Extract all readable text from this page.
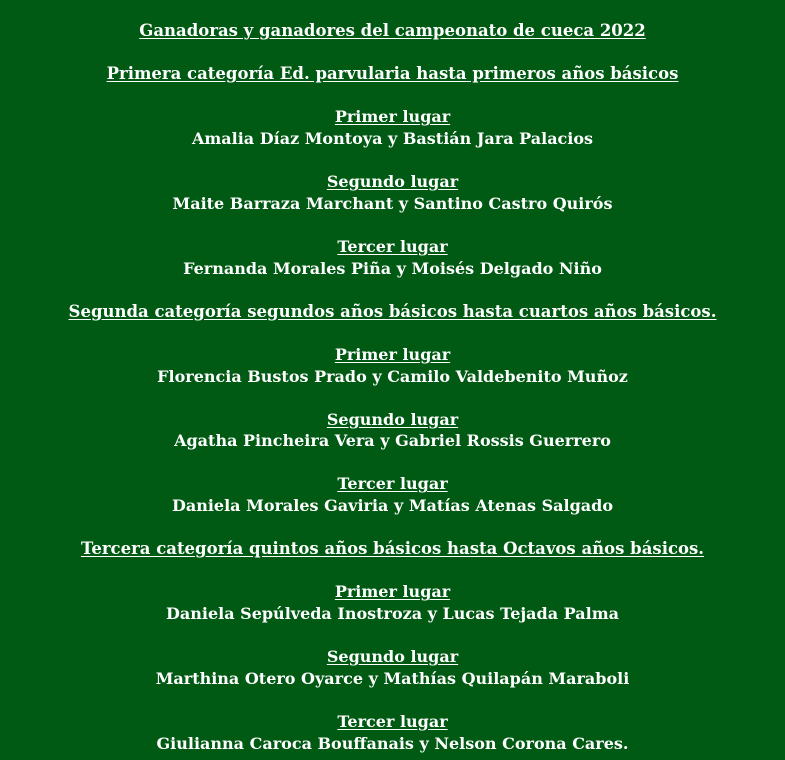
Ganadoras y ganadores del campeonato de cueca 2022
Primera categoría Ed. parvularia hasta primeros años básicos
Primer lugar
Amalia Díaz Montoya y Bastián Jara Palacios
Segundo lugar
Maite Barraza Marchant y Santino Castro Quirós
Tercer lugar
Fernanda Morales Piña y Moisés Delgado Niño
Segunda categoría segundos años básicos hasta cuartos años básicos.
Primer lugar
Florencia Bustos Prado y Camilo Valdebenito Muñoz
Segundo lugar
Agatha Pincheira Vera y Gabriel Rossis Guerrero
Tercer lugar
Daniela Morales Gaviria y Matías Atenas Salgado
Tercera categoría quintos años básicos hasta Octavos años básicos.
Primer lugar
Daniela Sepúlveda Inostroza y Lucas Tejada Palma
Segundo lugar
Marthina Otero Oyarce y Mathías Quilapán Maraboli
Tercer lugar
Giulianna Caroca Bouffanais y Nelson Corona Cares.
